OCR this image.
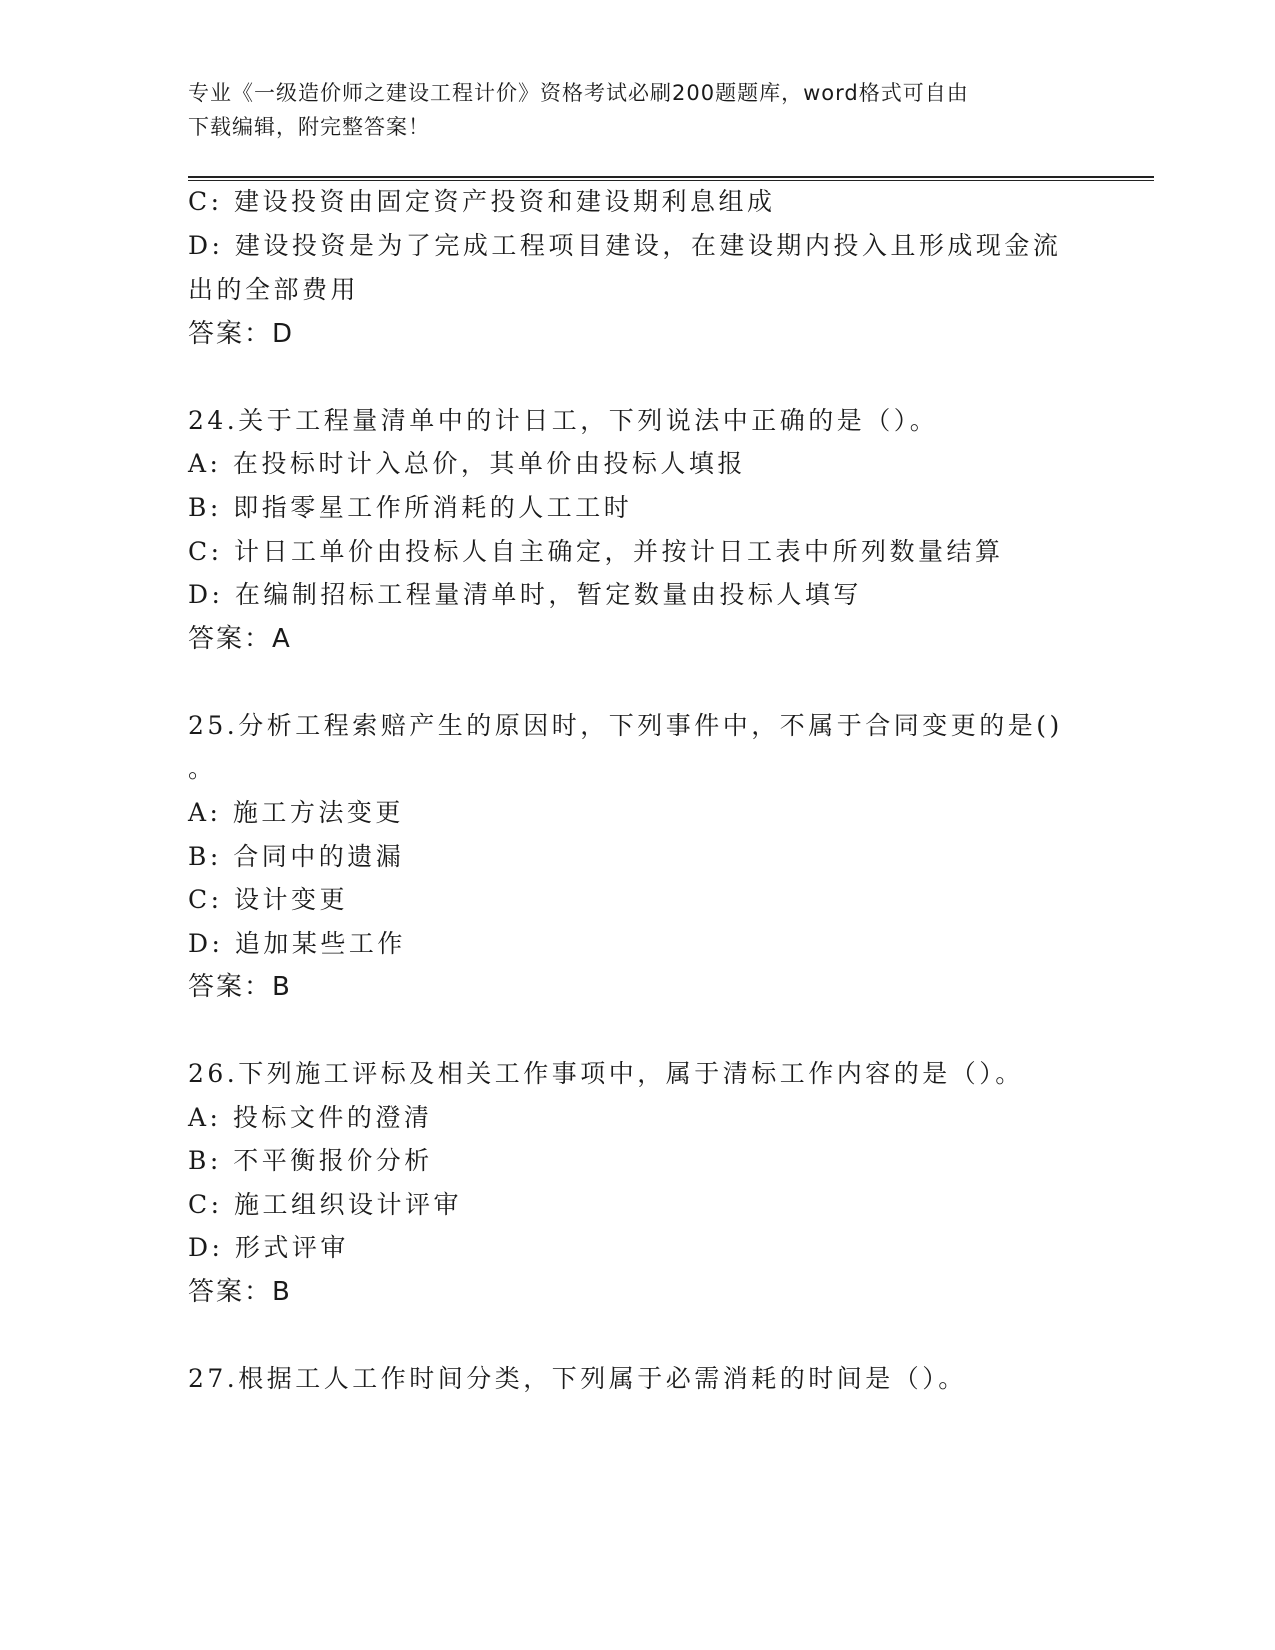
专业《一级造价师之建设工程计价》资格考试必刷200题题库，word格式可自由
下载编辑，附完整答案！
C: 建设投资由固定资产投资和建设期利息组成
D: 建设投资是为了完成工程项目建设，在建设期内投入且形成现金流
出的全部费用
答案：D
24.关于工程量清单中的计日工，下列说法中正确的是（）。
A: 在投标时计入总价，其单价由投标人填报
B: 即指零星工作所消耗的人工工时
C: 计日工单价由投标人自主确定，并按计日工表中所列数量结算
D: 在编制招标工程量清单时，暂定数量由投标人填写
答案：A
25.分析工程索赔产生的原因时，下列事件中，不属于合同变更的是()
。
A: 施工方法变更
B: 合同中的遗漏
C: 设计变更
D: 追加某些工作
答案：B
26.下列施工评标及相关工作事项中，属于清标工作内容的是（）。
A: 投标文件的澄清
B: 不平衡报价分析
C: 施工组织设计评审
D: 形式评审
答案：B
27.根据工人工作时间分类，下列属于必需消耗的时间是（）。
